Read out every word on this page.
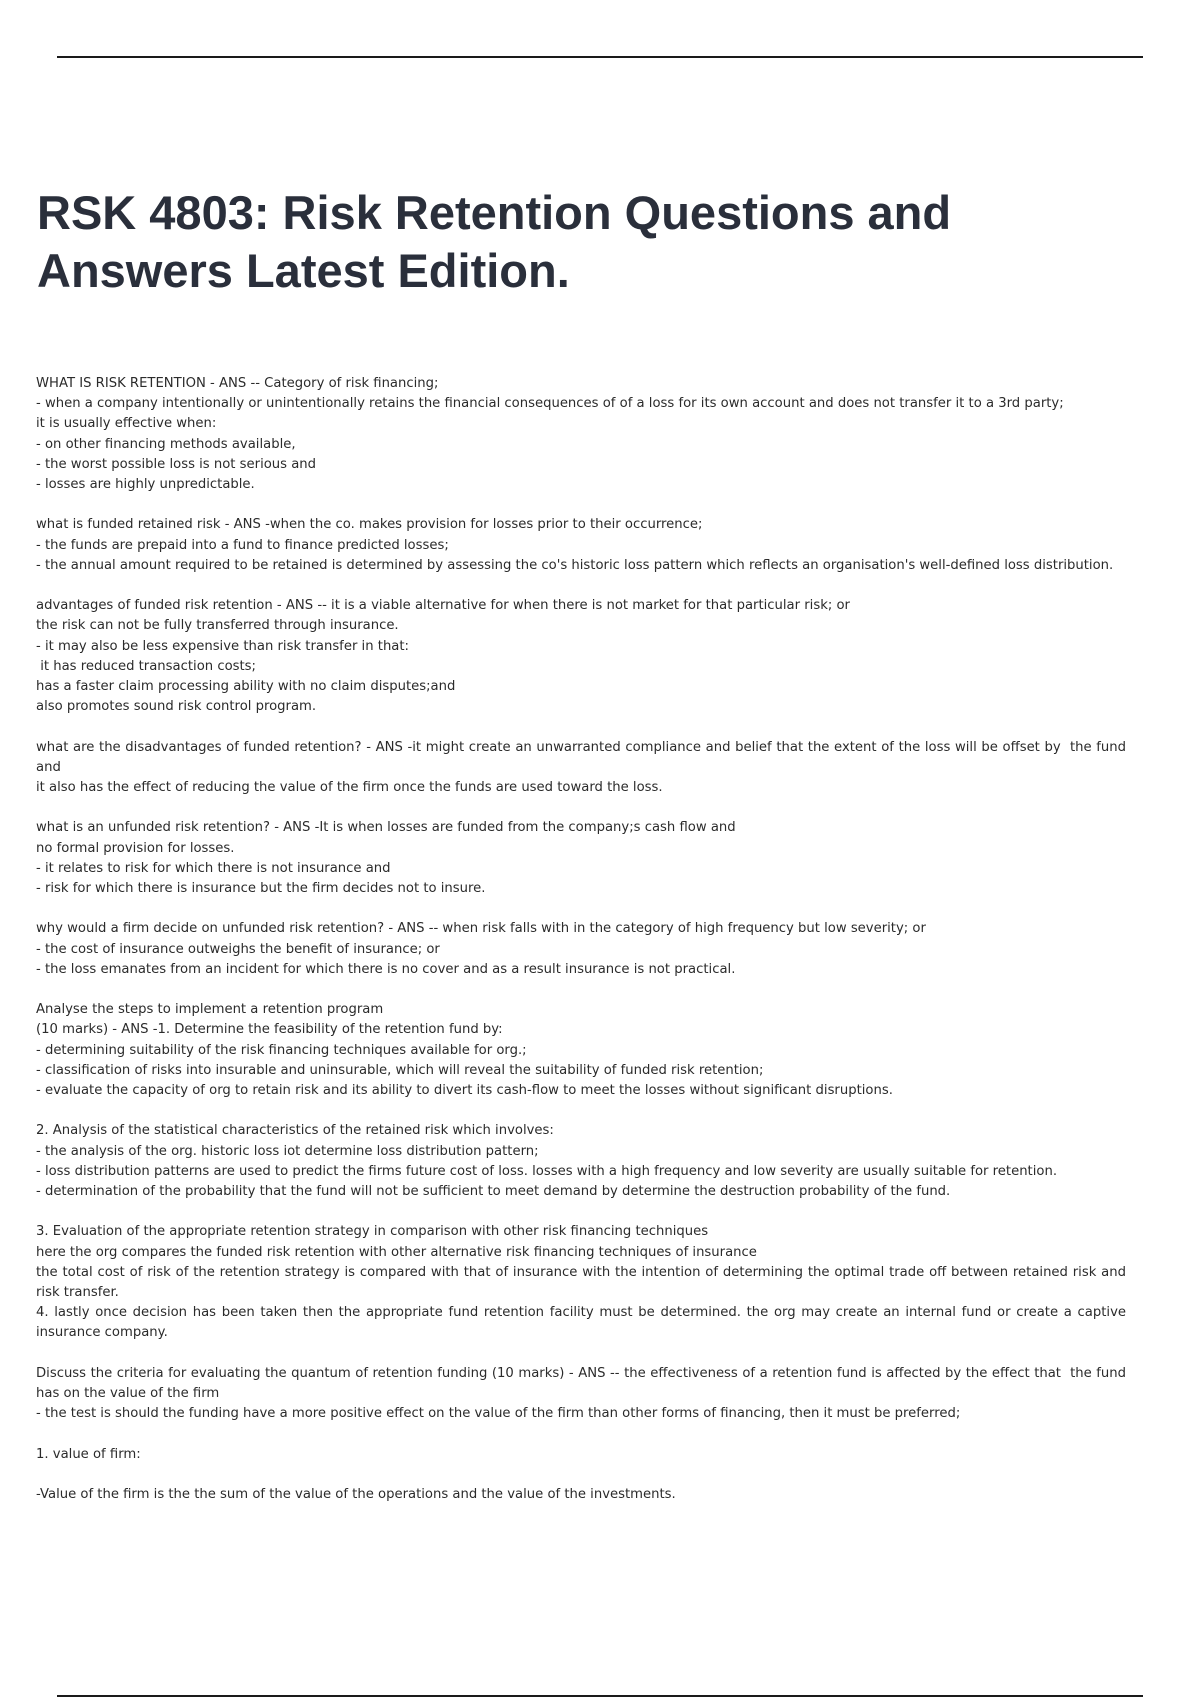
RSK 4803: Risk Retention Questions and Answers Latest Edition.
WHAT IS RISK RETENTION - ANS -- Category of risk financing;
- when a company intentionally or unintentionally retains the financial consequences of of a loss for its own account and does not transfer it to a 3rd party;
it is usually effective when:
- on other financing methods available,
- the worst possible loss is not serious and
- losses are highly unpredictable.
what is funded retained risk - ANS -when the co. makes provision for losses prior to their occurrence;
- the funds are prepaid into a fund to finance predicted losses;
- the annual amount required to be retained is determined by assessing the co's historic loss pattern which reflects an organisation's well-defined loss distribution.
advantages of funded risk retention - ANS -- it is a viable alternative for when there is not market for that particular risk; or
the risk can not be fully transferred through insurance.
- it may also be less expensive than risk transfer in that:
it has reduced transaction costs;
has a faster claim processing ability with no claim disputes;and
also promotes sound risk control program.
what are the disadvantages of funded retention? - ANS -it might create an unwarranted compliance and belief that the extent of the loss will be offset by  the fund and
it also has the effect of reducing the value of the firm once the funds are used toward the loss.
what is an unfunded risk retention? - ANS -It is when losses are funded from the company;s cash flow and
no formal provision for losses.
- it relates to risk for which there is not insurance and
- risk for which there is insurance but the firm decides not to insure.
why would a firm decide on unfunded risk retention? - ANS -- when risk falls with in the category of high frequency but low severity; or
- the cost of insurance outweighs the benefit of insurance; or
- the loss emanates from an incident for which there is no cover and as a result insurance is not practical.
Analyse the steps to implement a retention program
(10 marks) - ANS -1. Determine the feasibility of the retention fund by:
- determining suitability of the risk financing techniques available for org.;
- classification of risks into insurable and uninsurable, which will reveal the suitability of funded risk retention;
- evaluate the capacity of org to retain risk and its ability to divert its cash-flow to meet the losses without significant disruptions.
2. Analysis of the statistical characteristics of the retained risk which involves:
- the analysis of the org. historic loss iot determine loss distribution pattern;
- loss distribution patterns are used to predict the firms future cost of loss. losses with a high frequency and low severity are usually suitable for retention.
- determination of the probability that the fund will not be sufficient to meet demand by determine the destruction probability of the fund.
3. Evaluation of the appropriate retention strategy in comparison with other risk financing techniques
here the org compares the funded risk retention with other alternative risk financing techniques of insurance
the total cost of risk of the retention strategy is compared with that of insurance with the intention of determining the optimal trade off between retained risk and risk transfer.
4. lastly once decision has been taken then the appropriate fund retention facility must be determined. the org may create an internal fund or create a captive insurance company.
Discuss the criteria for evaluating the quantum of retention funding (10 marks) - ANS -- the effectiveness of a retention fund is affected by the effect that  the fund has on the value of the firm
- the test is should the funding have a more positive effect on the value of the firm than other forms of financing, then it must be preferred;
1. value of firm:
-Value of the firm is the the sum of the value of the operations and the value of the investments.
